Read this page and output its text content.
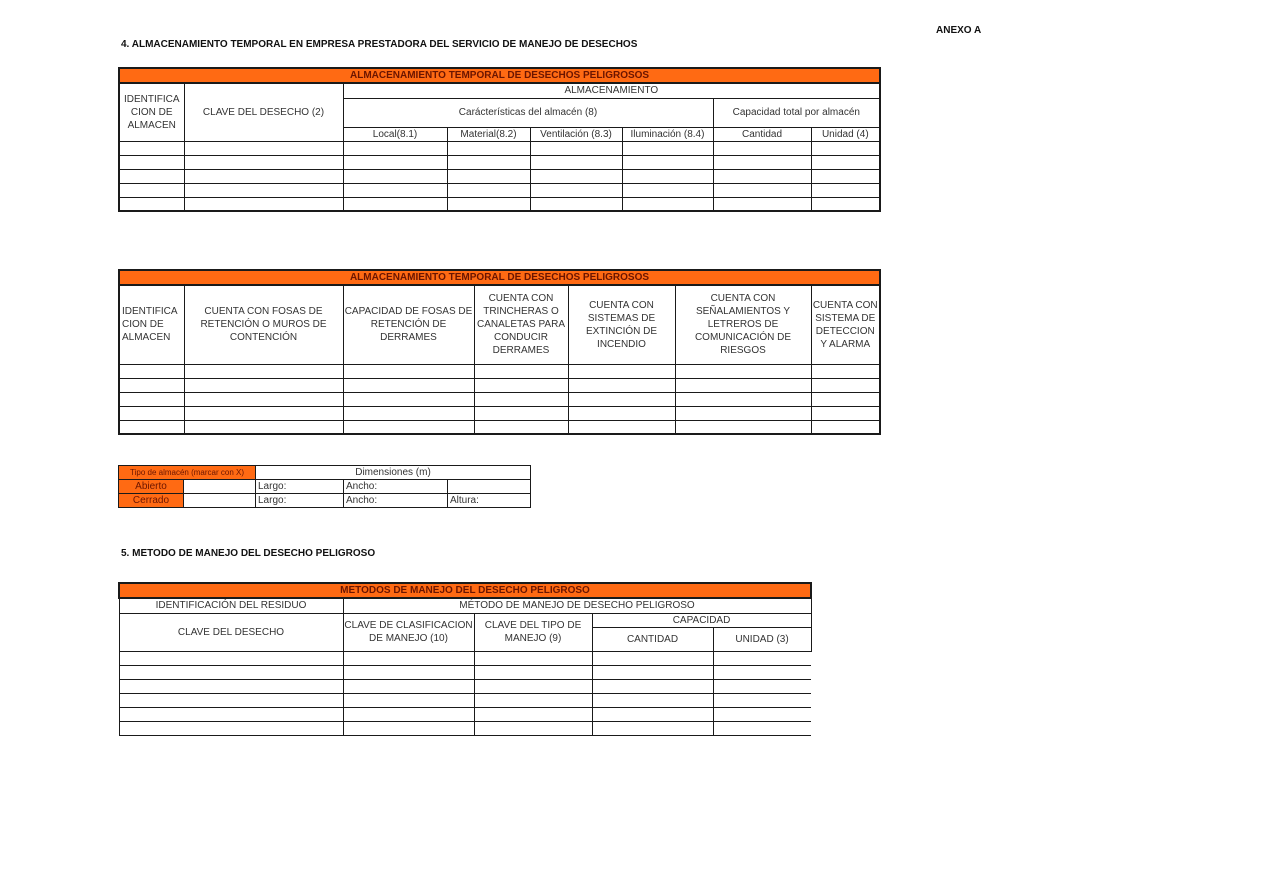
ANEXO A
4. ALMACENAMIENTO TEMPORAL EN EMPRESA PRESTADORA DEL SERVICIO DE MANEJO DE DESECHOS
ALMACENAMIENTO TEMPORAL DE DESECHOS PELIGROSOS							
IDENTIFICA CION DE ALMACEN	CLAVE DEL DESECHO (2)	ALMACENAMIENTO					
		Carácterísticas del almacén (8)				Capacidad total por almacén	
		Local(8.1)	Material(8.2)	Ventilación (8.3)	Iluminación (8.4)	Cantidad	Unidad (4)

ALMACENAMIENTO TEMPORAL DE DESECHOS PELIGROSOS						
IDENTIFICA CION DE ALMACEN	CUENTA CON FOSAS DE RETENCIÓN O MUROS DE CONTENCIÓN	CAPACIDAD DE FOSAS DE RETENCIÓN DE DERRAMES	CUENTA CON TRINCHERAS O CANALETAS PARA CONDUCIR DERRAMES	CUENTA CON SISTEMAS DE EXTINCIÓN DE INCENDIO	CUENTA CON SEÑALAMIENTOS Y LETREROS DE COMUNICACIÓN DE RIESGOS	CUENTA CON SISTEMA DE DETECCION Y ALARMA

Tipo de almacén (marcar con X)		Dimensiones (m)		
Abierto		Largo:	Ancho:	
Cerrado		Largo:	Ancho:	Altura:
5. METODO DE MANEJO DEL DESECHO PELIGROSO
METODOS DE MANEJO DEL DESECHO PELIGROSO				
IDENTIFICACIÓN DEL RESIDUO	MÉTODO DE MANEJO DE DESECHO PELIGROSO			
CLAVE DEL DESECHO	CLAVE DE CLASIFICACION DE MANEJO (10)	CLAVE DEL TIPO DE MANEJO (9)	CAPACIDAD	
			CANTIDAD	UNIDAD (3)
